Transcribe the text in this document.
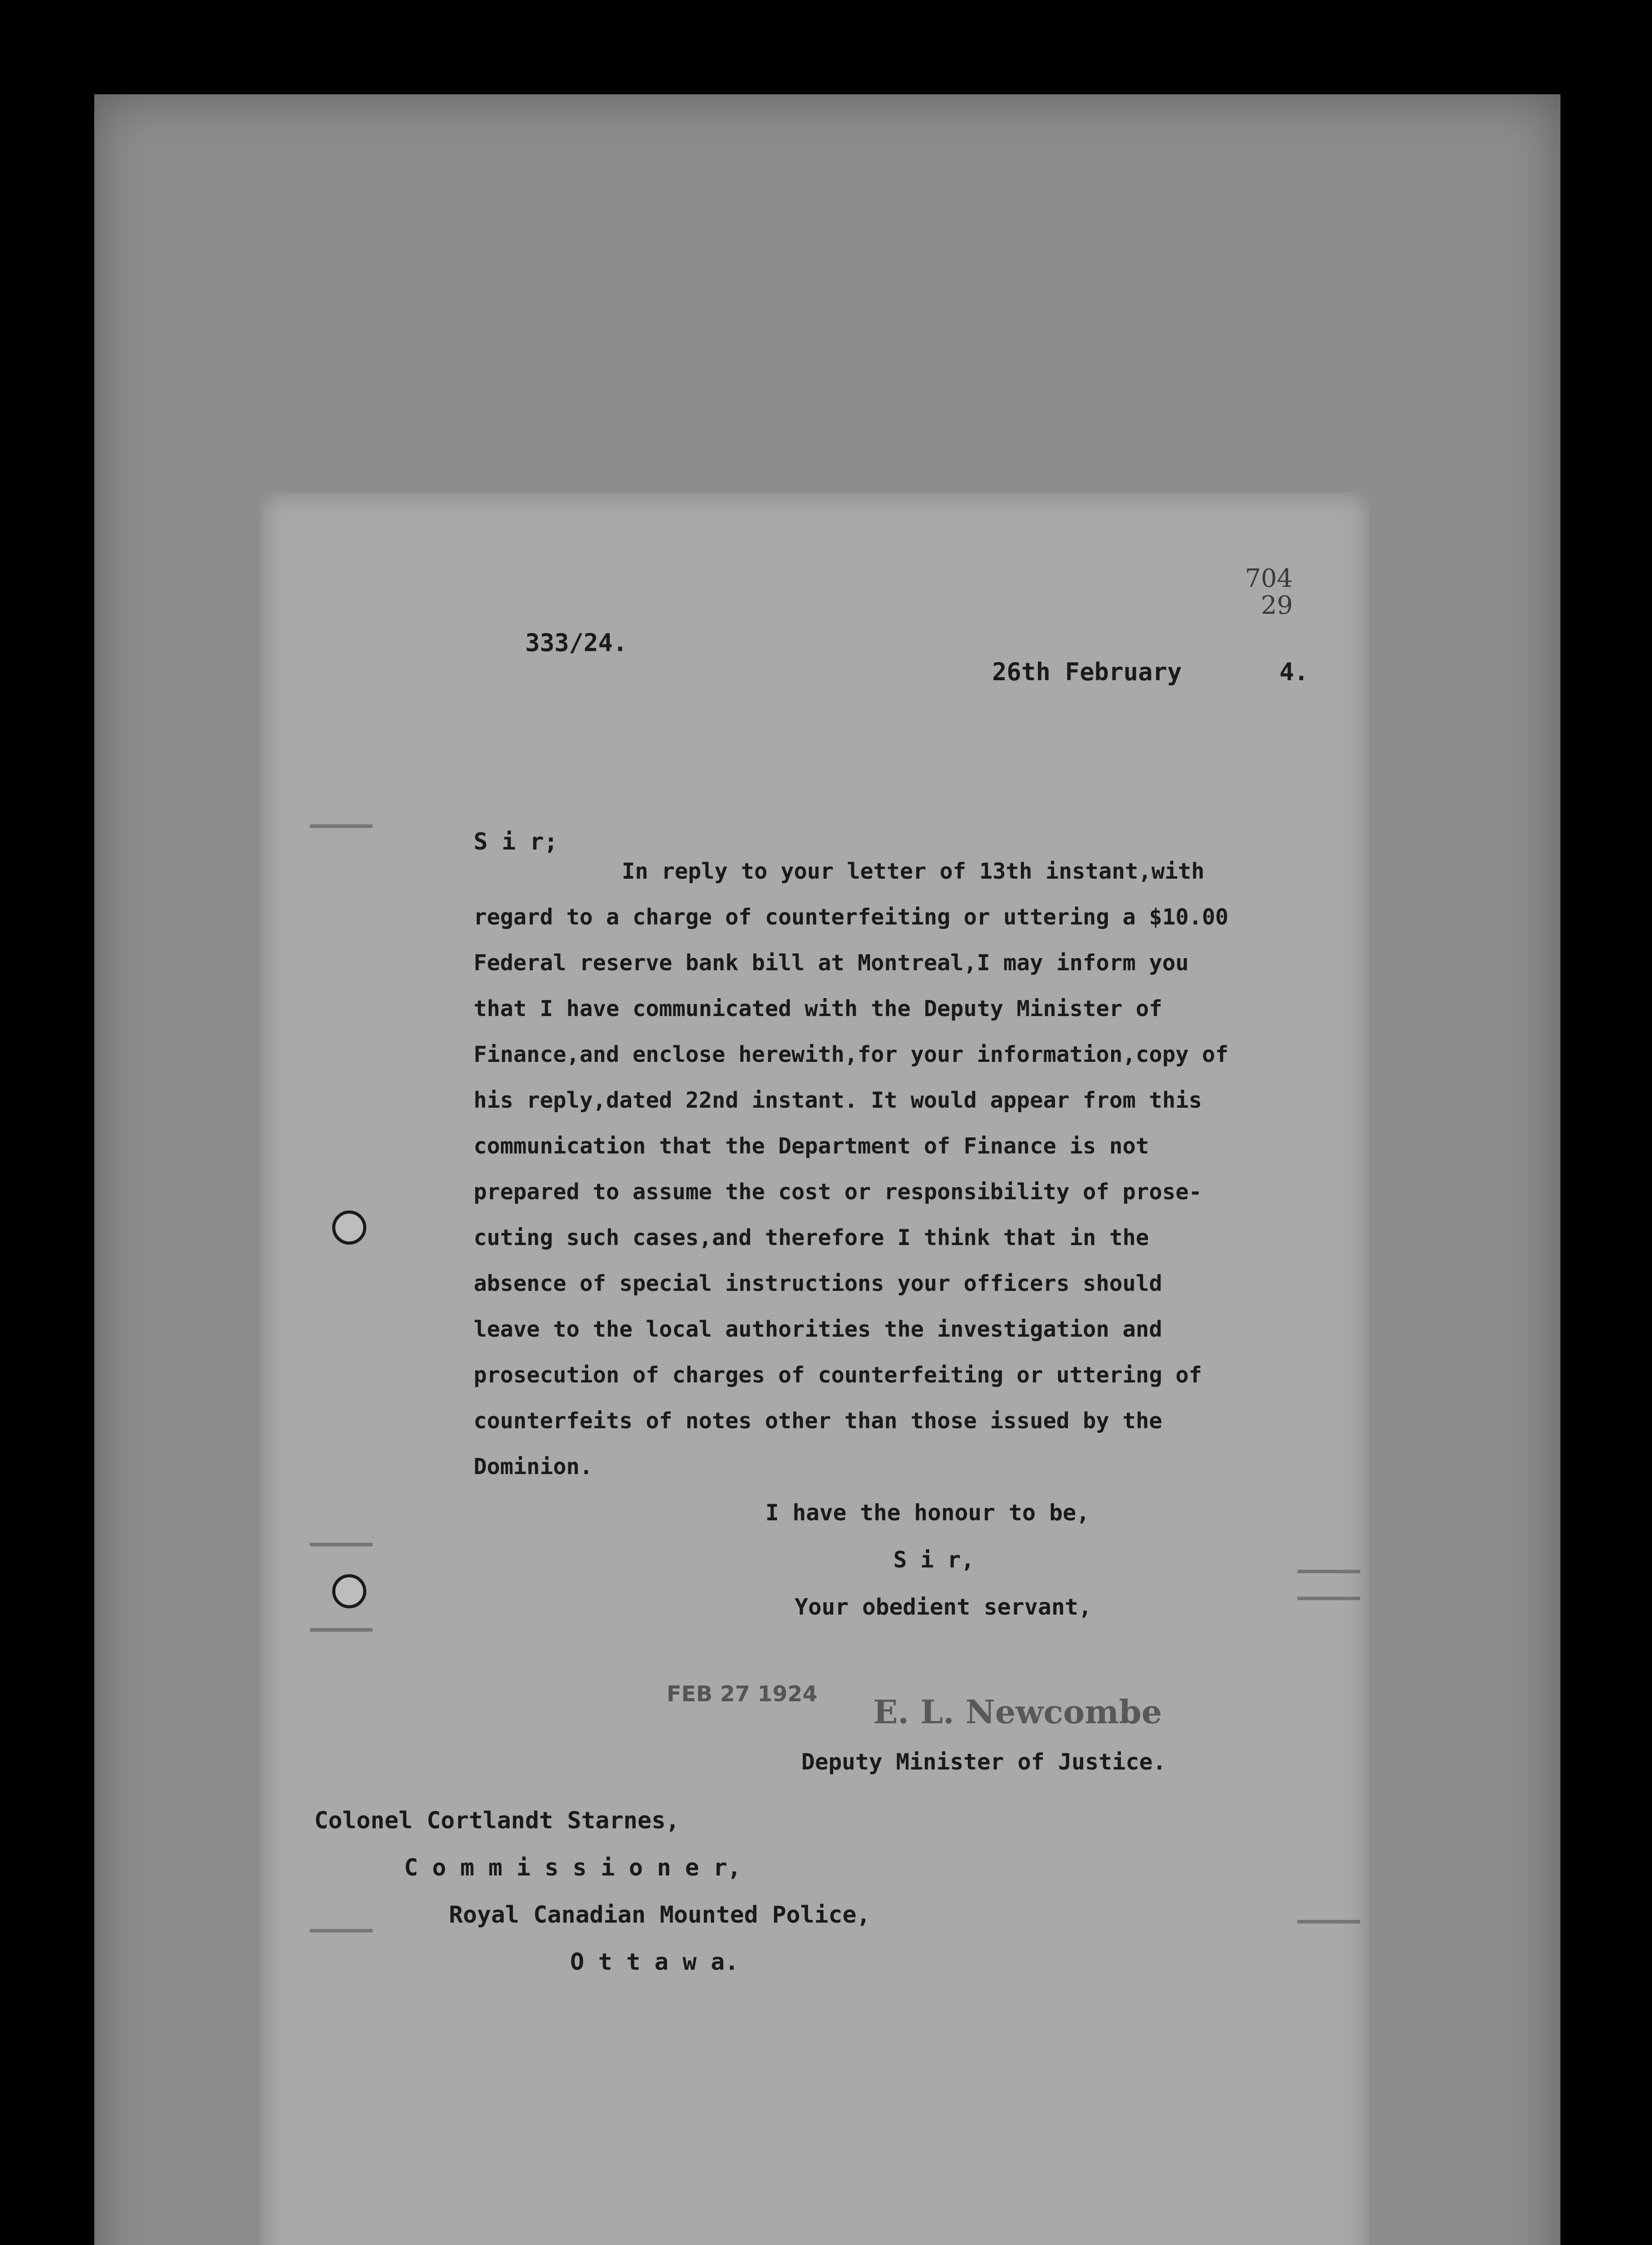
704
29
333/24.
26th February	4.
S i r;
In reply to your letter of 13th instant,with
regard to a charge of counterfeiting or uttering a $10.00
Federal reserve bank bill at Montreal,I may inform you
that I have communicated with the Deputy Minister of
Finance,and enclose herewith,for your information,copy of
his reply,dated 22nd instant. It would appear from this
communication that the Department of Finance is not
prepared to assume the cost or responsibility of prose-
cuting such cases,and therefore I think that in the
absence of special instructions your officers should
leave to the local authorities the investigation and
prosecution of charges of counterfeiting or uttering of
counterfeits of notes other than those issued by the
Dominion.
I have the honour to be,
S i r,
Your obedient servant,
FEB 27 1924 E. L. Newcombe
Deputy Minister of Justice.
Colonel Cortlandt Starnes,
C o m m i s s i o n e r,
Royal Canadian Mounted Police,
O t t a w a.
